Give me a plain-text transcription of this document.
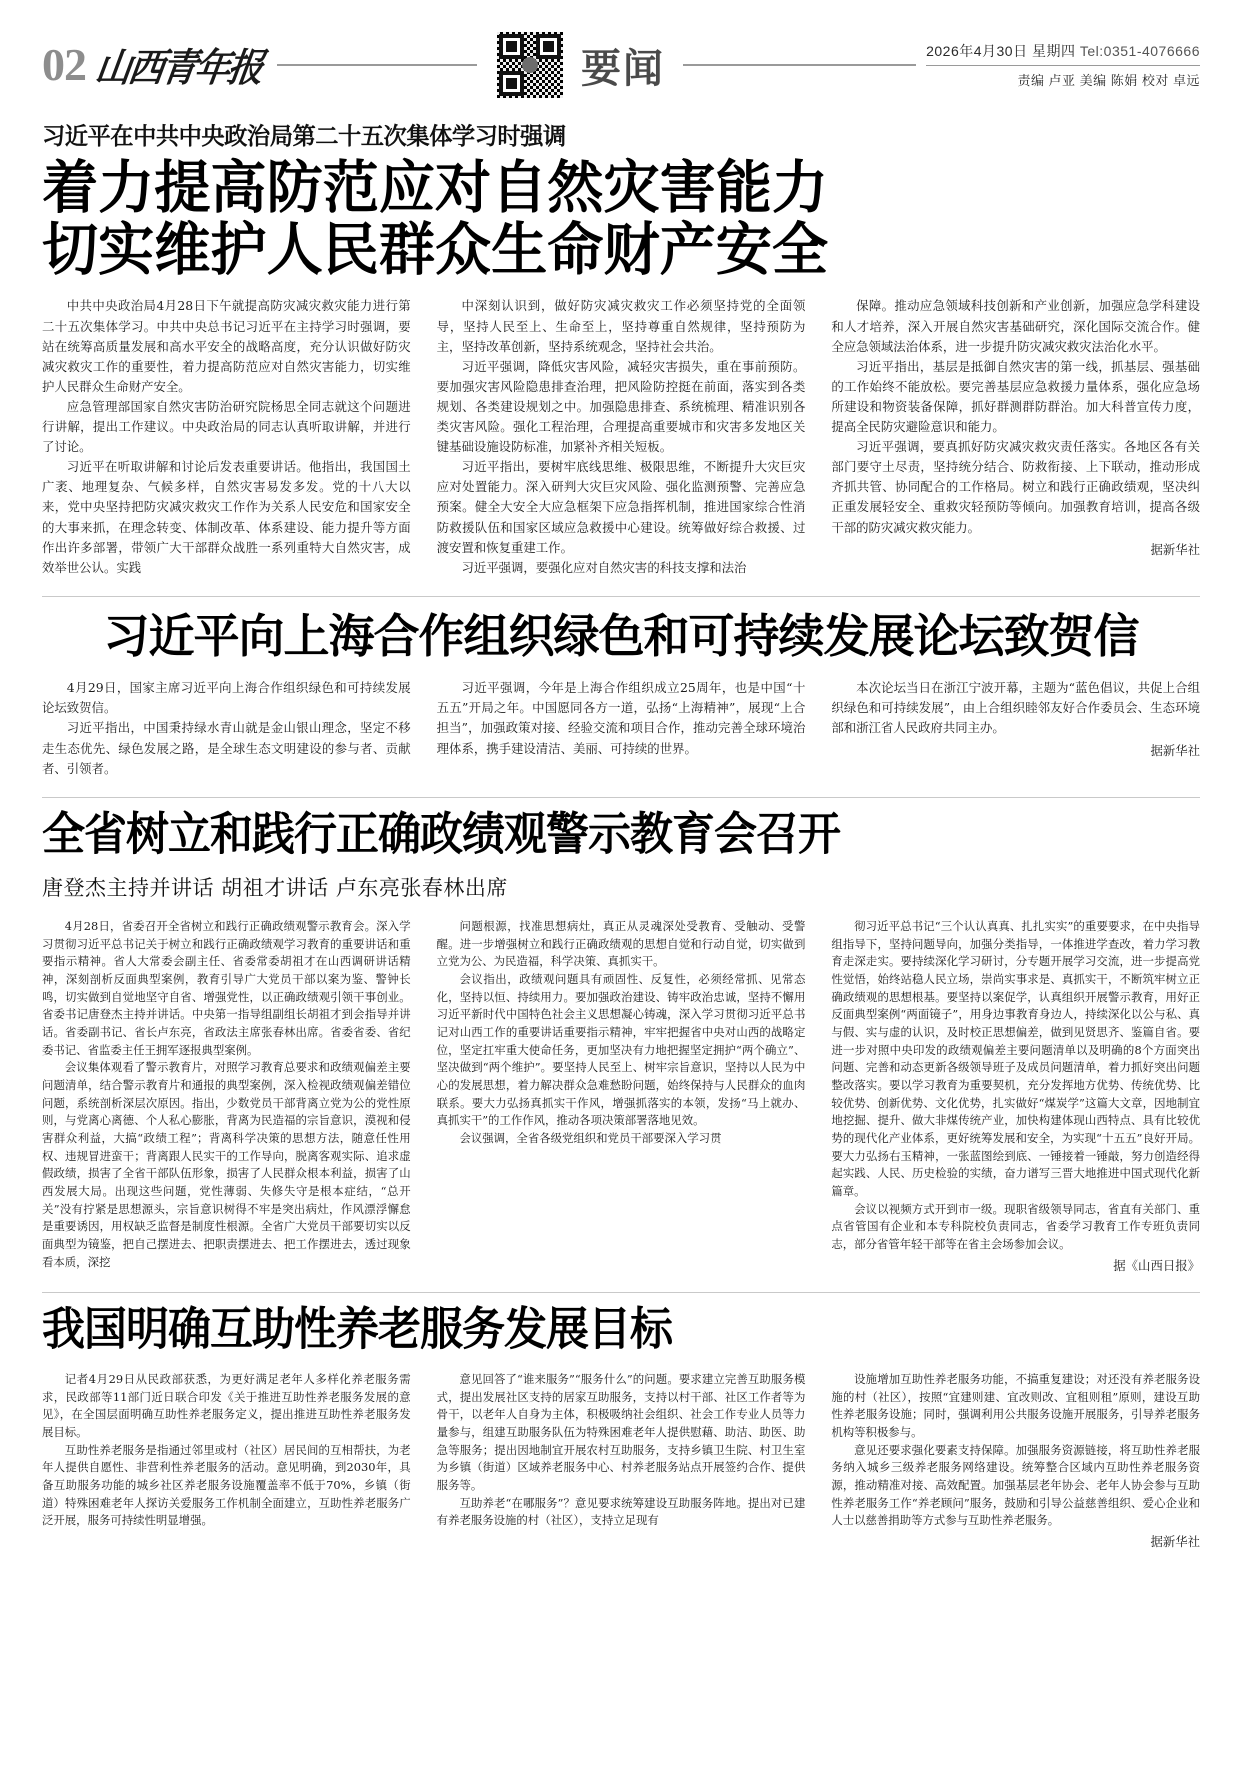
02 山西青年报	要闻	2026年4月30日 星期四 Tel:0351-4076666
责编 卢亚 美编 陈娟 校对 卓远
习近平在中共中央政治局第二十五次集体学习时强调
着力提高防范应对自然灾害能力
切实维护人民群众生命财产安全

中共中央政治局4月28日下午就提高防灾减灾救灾能力进行第二十五次集体学习。中共中央总书记习近平在主持学习时强调，要站在统筹高质量发展和高水平安全的战略高度，充分认识做好防灾减灾救灾工作的重要性，着力提高防范应对自然灾害能力，切实维护人民群众生命财产安全。

应急管理部国家自然灾害防治研究院杨思全同志就这个问题进行讲解，提出工作建议。中央政治局的同志认真听取讲解，并进行了讨论。

习近平在听取讲解和讨论后发表重要讲话。他指出，我国国土广袤、地理复杂、气候多样，自然灾害易发多发。党的十八大以来，党中央坚持把防灾减灾救灾工作作为关系人民安危和国家安全的大事来抓，在理念转变、体制改革、体系建设、能力提升等方面作出许多部署，带领广大干部群众战胜一系列重特大自然灾害，成效举世公认。实践

中深刻认识到，做好防灾减灾救灾工作必须坚持党的全面领导，坚持人民至上、生命至上，坚持尊重自然规律，坚持预防为主，坚持改革创新，坚持系统观念，坚持社会共治。

习近平强调，降低灾害风险，减轻灾害损失，重在事前预防。要加强灾害风险隐患排查治理，把风险防控挺在前面，落实到各类规划、各类建设规划之中。加强隐患排查、系统梳理、精准识别各类灾害风险。强化工程治理，合理提高重要城市和灾害多发地区关键基础设施设防标准，加紧补齐相关短板。

习近平指出，要树牢底线思维、极限思维，不断提升大灾巨灾应对处置能力。深入研判大灾巨灾风险、强化监测预警、完善应急预案。健全大安全大应急框架下应急指挥机制，推进国家综合性消防救援队伍和国家区域应急救援中心建设。统筹做好综合救援、过渡安置和恢复重建工作。

习近平强调，要强化应对自然灾害的科技支撑和法治

保障。推动应急领域科技创新和产业创新，加强应急学科建设和人才培养，深入开展自然灾害基础研究，深化国际交流合作。健全应急领域法治体系，进一步提升防灾减灾救灾法治化水平。

习近平指出，基层是抵御自然灾害的第一线，抓基层、强基础的工作始终不能放松。要完善基层应急救援力量体系，强化应急场所建设和物资装备保障，抓好群测群防群治。加大科普宣传力度，提高全民防灾避险意识和能力。

习近平强调，要真抓好防灾减灾救灾责任落实。各地区各有关部门要守土尽责，坚持统分结合、防救衔接、上下联动，推动形成齐抓共管、协同配合的工作格局。树立和践行正确政绩观，坚决纠正重发展轻安全、重救灾轻预防等倾向。加强教育培训，提高各级干部的防灾减灾救灾能力。

据新华社
习近平向上海合作组织绿色和可持续发展论坛致贺信

4月29日，国家主席习近平向上海合作组织绿色和可持续发展论坛致贺信。

习近平指出，中国秉持绿水青山就是金山银山理念，坚定不移走生态优先、绿色发展之路，是全球生态文明建设的参与者、贡献者、引领者。

习近平强调，今年是上海合作组织成立25周年，也是中国“十五五”开局之年。中国愿同各方一道，弘扬“上海精神”，展现“上合担当”，加强政策对接、经验交流和项目合作，推动完善全球环境治理体系，携手建设清洁、美丽、可持续的世界。

本次论坛当日在浙江宁波开幕，主题为“蓝色倡议，共促上合组织绿色和可持续发展”，由上合组织睦邻友好合作委员会、生态环境部和浙江省人民政府共同主办。

据新华社
全省树立和践行正确政绩观警示教育会召开
唐登杰主持并讲话 胡祖才讲话 卢东亮张春林出席

4月28日，省委召开全省树立和践行正确政绩观警示教育会。深入学习贯彻习近平总书记关于树立和践行正确政绩观学习教育的重要讲话和重要指示精神。省人大常委会副主任、省委常委胡祖才在山西调研讲话精神，深刻剖析反面典型案例，教育引导广大党员干部以案为鉴、警钟长鸣，切实做到自觉地坚守自省、增强党性，以正确政绩观引领干事创业。省委书记唐登杰主持并讲话。中央第一指导组副组长胡祖才到会指导并讲话。省委副书记、省长卢东亮，省政法主席张春林出席。省委省委、省纪委书记、省监委主任王拥军逐报典型案例。

会议集体观看了警示教育片，对照学习教育总要求和政绩观偏差主要问题清单，结合警示教育片和通报的典型案例，深入检视政绩观偏差错位问题，系统剖析深层次原因。指出，少数党员干部背离立党为公的党性原则，与党离心离德、个人私心膨胀，背离为民造福的宗旨意识，漠视和侵害群众利益，大搞“政绩工程”；背离科学决策的思想方法，随意任性用权、违规冒进蛮干；背离跟人民实干的工作导向，脱离客观实际、追求虚假政绩，损害了全省干部队伍形象，损害了人民群众根本利益，损害了山西发展大局。出现这些问题，党性薄弱、失修失守是根本症结，“总开关”没有拧紧是思想源头，宗旨意识树得不牢是突出病灶，作风漂浮懈怠是重要诱因，用权缺乏监督是制度性根源。全省广大党员干部要切实以反面典型为镜鉴，把自己摆进去、把职责摆进去、把工作摆进去，透过现象看本质，深挖

问题根源，找准思想病灶，真正从灵魂深处受教育、受触动、受警醒。进一步增强树立和践行正确政绩观的思想自觉和行动自觉，切实做到立党为公、为民造福，科学决策、真抓实干。

会议指出，政绩观问题具有顽固性、反复性，必须经常抓、见常态化，坚持以恒、持续用力。要加强政治建设、铸牢政治忠诚，坚持不懈用习近平新时代中国特色社会主义思想凝心铸魂，深入学习贯彻习近平总书记对山西工作的重要讲话重要指示精神，牢牢把握省中央对山西的战略定位，坚定扛牢重大使命任务，更加坚决有力地把握坚定拥护“两个确立”、坚决做到“两个维护”。要坚持人民至上、树牢宗旨意识，坚持以人民为中心的发展思想，着力解决群众急难愁盼问题，始终保持与人民群众的血肉联系。要大力弘扬真抓实干作风，增强抓落实的本领，发扬“马上就办、真抓实干”的工作作风，推动各项决策部署落地见效。

会议强调，全省各级党组织和党员干部要深入学习贯

彻习近平总书记“三个认认真真、扎扎实实”的重要要求，在中央指导组指导下，坚持问题导向，加强分类指导，一体推进学查改，着力学习教育走深走实。要持续深化学习研讨，分专题开展学习交流，进一步提高党性觉悟，始终站稳人民立场，崇尚实事求是、真抓实干，不断筑牢树立正确政绩观的思想根基。要坚持以案促学，认真组织开展警示教育，用好正反面典型案例“两面镜子”，用身边事教育身边人，持续深化以公与私、真与假、实与虚的认识，及时校正思想偏差，做到见贤思齐、鉴篇自省。要进一步对照中央印发的政绩观偏差主要问题清单以及明确的8个方面突出问题、完善和动态更新各级领导班子及成员问题清单，着力抓好突出问题整改落实。要以学习教育为重要契机，充分发挥地方优势、传统优势、比较优势、创新优势、文化优势，扎实做好“煤炭学”这篇大文章，因地制宜地挖掘、提升、做大非煤传统产业，加快构建体现山西特点、具有比较优势的现代化产业体系，更好统筹发展和安全，为实现“十五五”良好开局。要大力弘扬右玉精神，一张蓝图绘到底、一锤接着一锤敲，努力创造经得起实践、人民、历史检验的实绩，奋力谱写三晋大地推进中国式现代化新篇章。

会议以视频方式开到市一级。现职省级领导同志，省直有关部门、重点省管国有企业和本专科院校负责同志，省委学习教育工作专班负责同志，部分省管年轻干部等在省主会场参加会议。

据《山西日报》
我国明确互助性养老服务发展目标

记者4月29日从民政部获悉，为更好满足老年人多样化养老服务需求，民政部等11部门近日联合印发《关于推进互助性养老服务发展的意见》，在全国层面明确互助性养老服务定义，提出推进互助性养老服务发展目标。

互助性养老服务是指通过邻里或村（社区）居民间的互相帮扶，为老年人提供自愿性、非营利性养老服务的活动。意见明确，到2030年，具备互助服务功能的城乡社区养老服务设施覆盖率不低于70%，乡镇（街道）特殊困难老年人探访关爱服务工作机制全面建立，互助性养老服务广泛开展，服务可持续性明显增强。

意见回答了“谁来服务”“服务什么”的问题。要求建立完善互助服务模式，提出发展社区支持的居家互助服务，支持以村干部、社区工作者等为骨干，以老年人自身为主体，积极吸纳社会组织、社会工作专业人员等力量参与，组建互助服务队伍为特殊困难老年人提供慰藉、助洁、助医、助急等服务；提出因地制宜开展农村互助服务，支持乡镇卫生院、村卫生室为乡镇（街道）区域养老服务中心、村养老服务站点开展签约合作、提供服务等。

互助养老“在哪服务”？意见要求统筹建设互助服务阵地。提出对已建有养老服务设施的村（社区），支持立足现有

设施增加互助性养老服务功能，不搞重复建设；对还没有养老服务设施的村（社区），按照“宜建则建、宜改则改、宜租则租”原则，建设互助性养老服务设施；同时，强调利用公共服务设施开展服务，引导养老服务机构等积极参与。

意见还要求强化要素支持保障。加强服务资源链接，将互助性养老服务纳入城乡三级养老服务网络建设。统筹整合区域内互助性养老服务资源，推动精准对接、高效配置。加强基层老年协会、老年人协会参与互助性养老服务工作“养老顾问”服务，鼓励和引导公益慈善组织、爱心企业和人士以慈善捐助等方式参与互助性养老服务。

据新华社
